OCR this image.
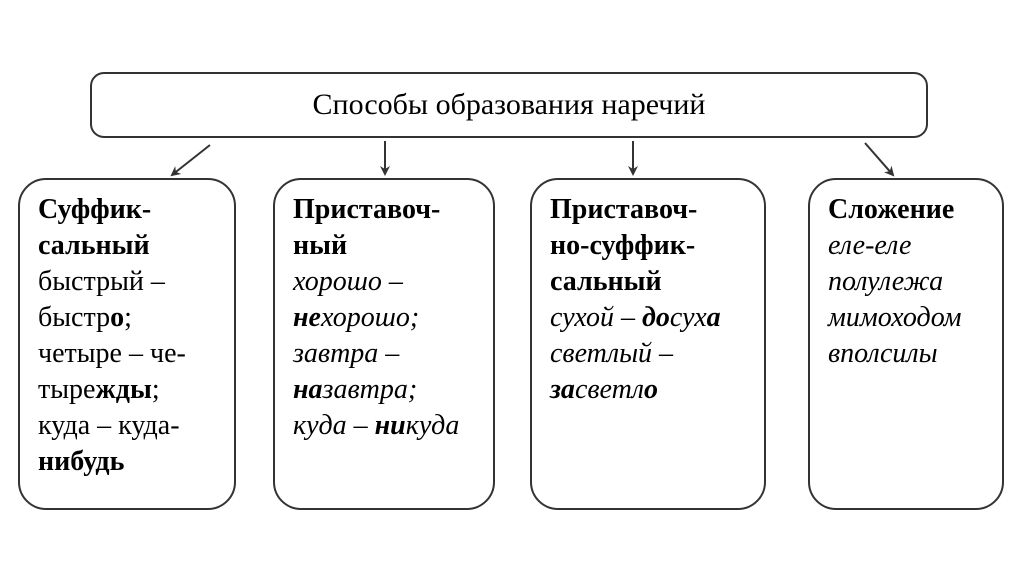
Способы образования наречий
Суффик-
сальный
быстрый –
быстро;
четыре – че-
тырежды;
куда – куда-
нибудь
Приставоч-
ный
хорошо –
нехорошо;
завтра –
назавтра;
куда – никуда
Приставоч-
но-суффик-
сальный
сухой – досуха
светлый –
засветло
Сложение
еле-еле
полулежа
мимоходом
вполсилы
